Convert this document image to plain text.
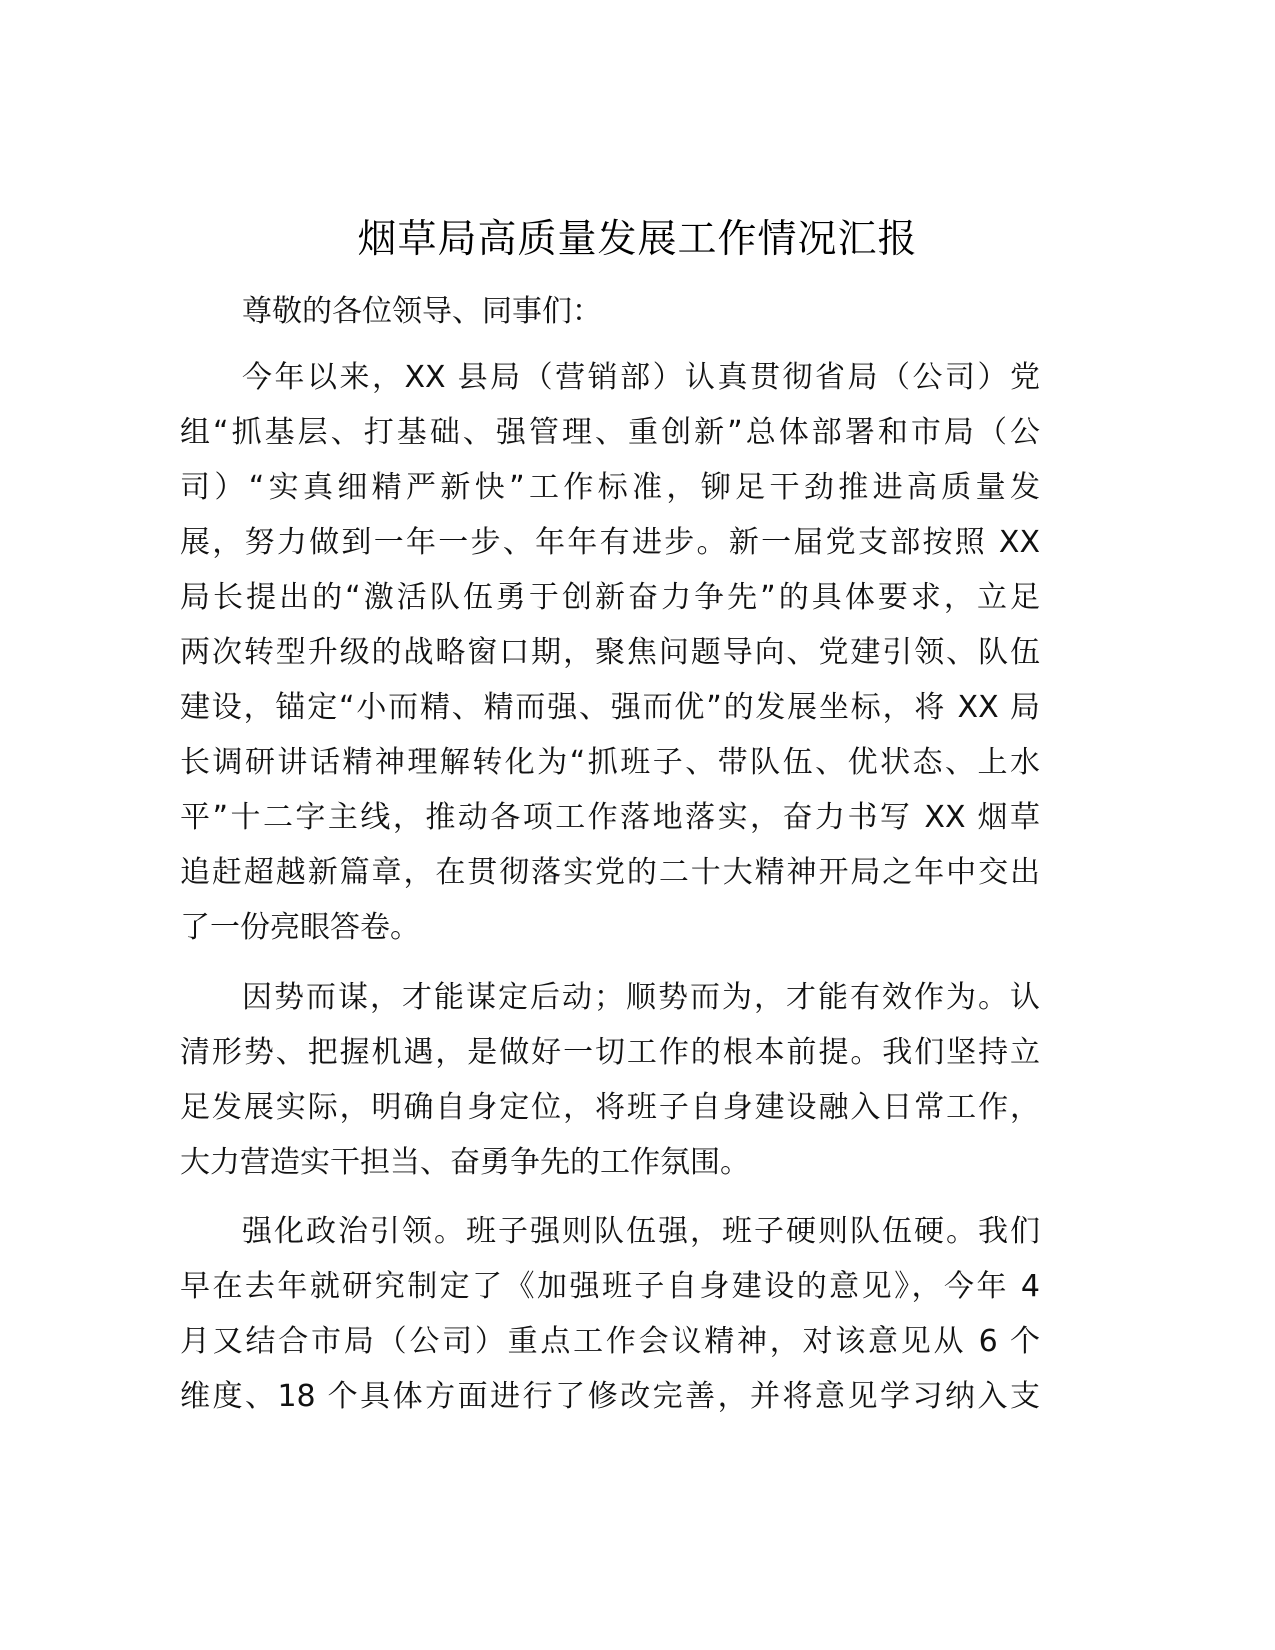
烟草局高质量发展工作情况汇报
尊敬的各位领导、同事们：
今年以来，XX 县局（营销部）认真贯彻省局（公司）党
组“抓基层、打基础、强管理、重创新”总体部署和市局（公
司）“实真细精严新快”工作标准，铆足干劲推进高质量发
展，努力做到一年一步、年年有进步。新一届党支部按照 XX
局长提出的“激活队伍勇于创新奋力争先”的具体要求，立足
两次转型升级的战略窗口期，聚焦问题导向、党建引领、队伍
建设，锚定“小而精、精而强、强而优”的发展坐标，将 XX 局
长调研讲话精神理解转化为“抓班子、带队伍、优状态、上水
平”十二字主线，推动各项工作落地落实，奋力书写 XX 烟草
追赶超越新篇章，在贯彻落实党的二十大精神开局之年中交出
了一份亮眼答卷。
因势而谋，才能谋定后动；顺势而为，才能有效作为。认
清形势、把握机遇，是做好一切工作的根本前提。我们坚持立
足发展实际，明确自身定位，将班子自身建设融入日常工作，
大力营造实干担当、奋勇争先的工作氛围。
强化政治引领。班子强则队伍强，班子硬则队伍硬。我们
早在去年就研究制定了《加强班子自身建设的意见》，今年 4
月又结合市局（公司）重点工作会议精神，对该意见从 6 个
维度、18 个具体方面进行了修改完善，并将意见学习纳入支
